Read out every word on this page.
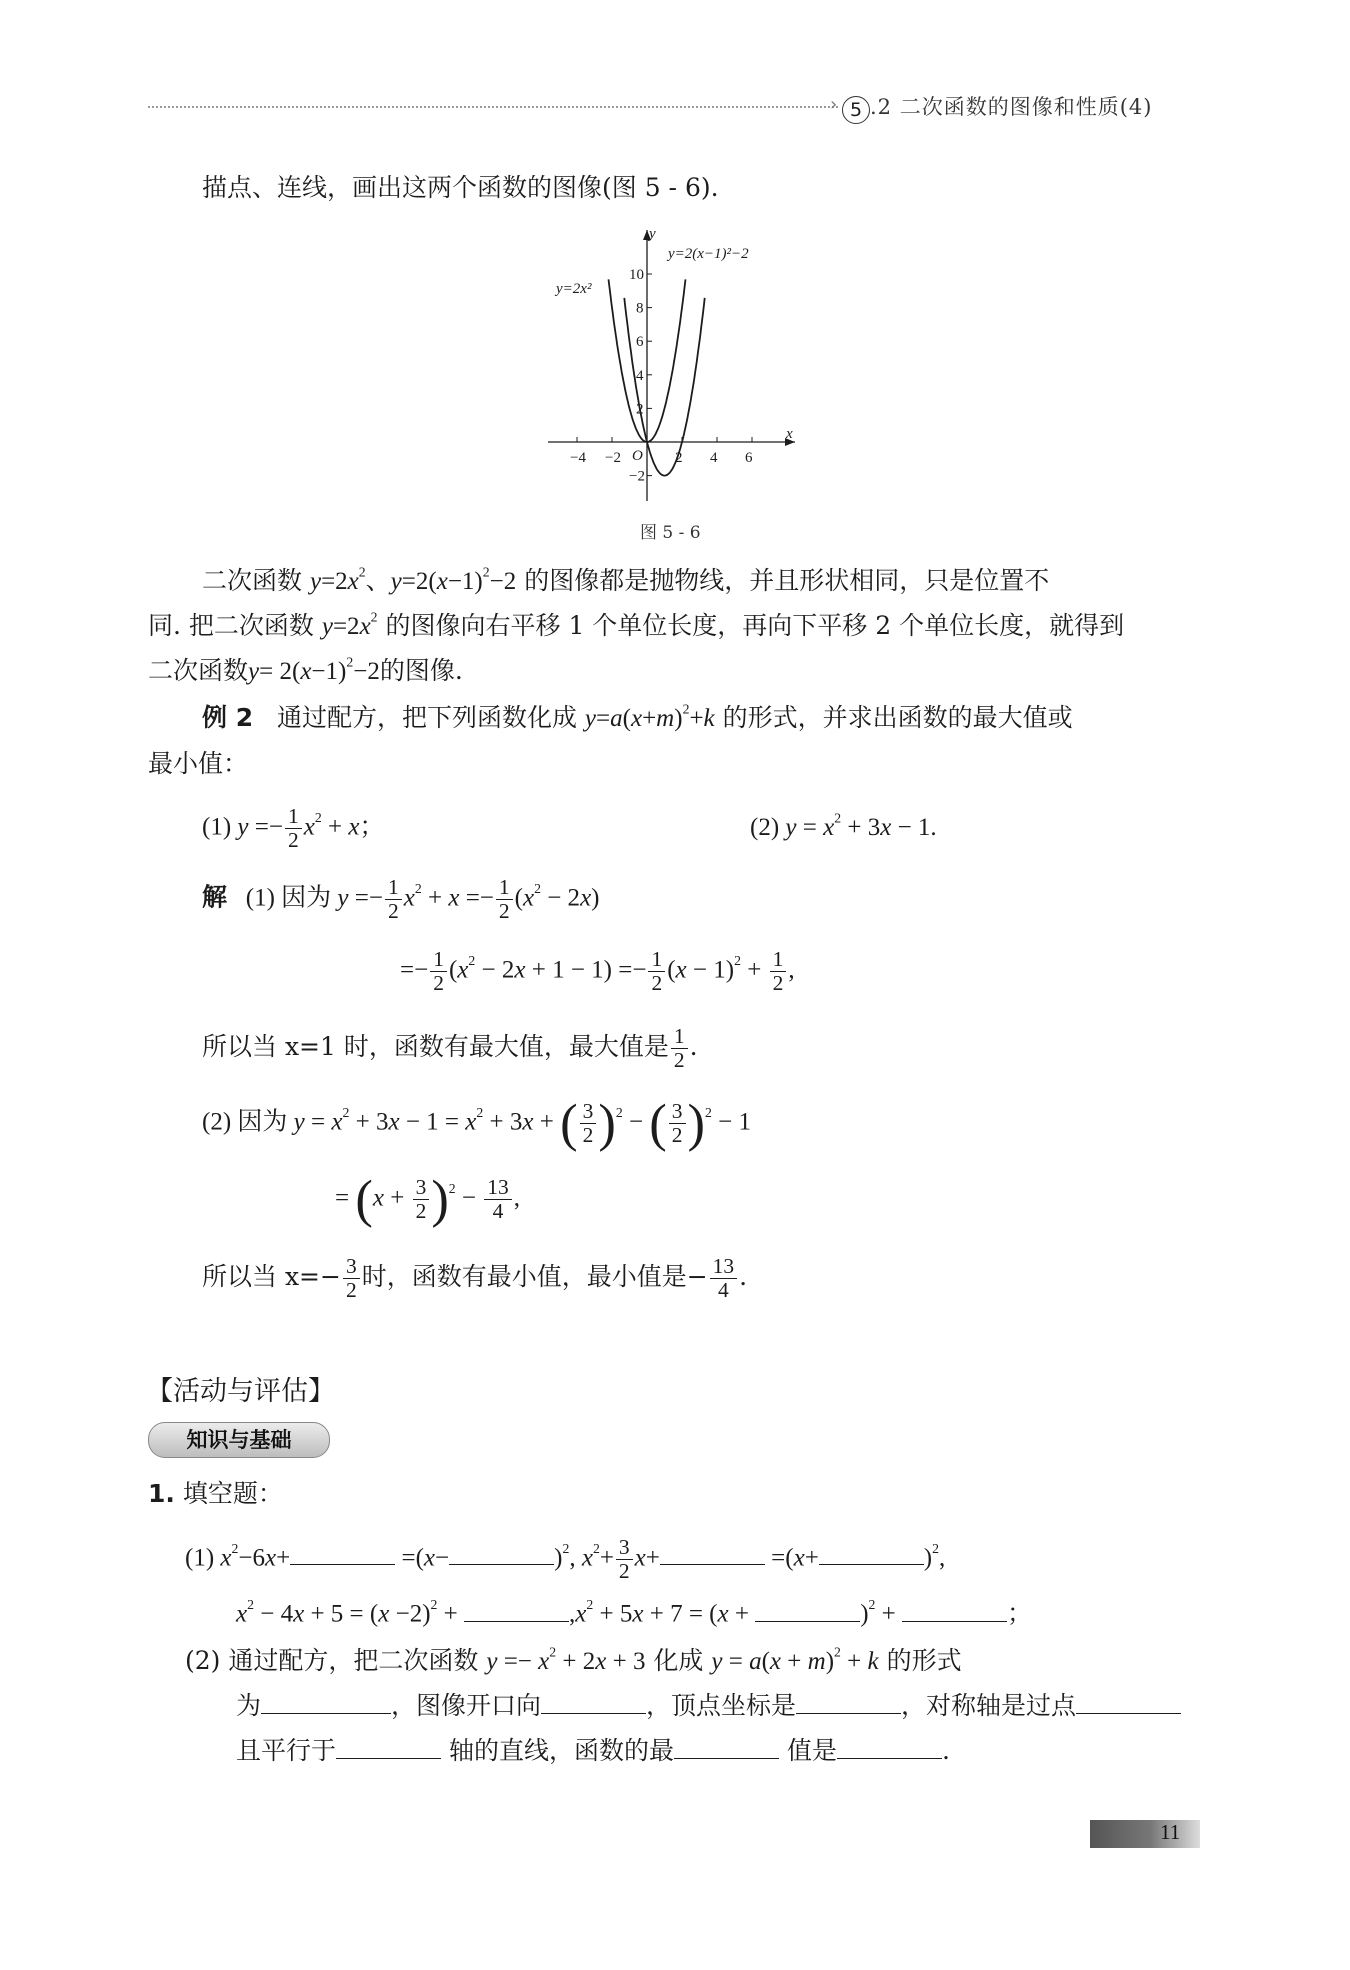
› 5 .2 二次函数的图像和性质(4)
描点、连线，画出这两个函数的图像(图 5 - 6).
−4 −2	2 4 6
10
8
6
4
2
−2
O
x
y
y=2x²
y=2(x−1)²−2
图 5 - 6
二次函数 $y=2x^2$、$y=2(x-1)^2-2$ 的图像都是抛物线，并且形状相同，只是位置不
同. 把二次函数 $y=2x^2$ 的图像向右平移 1 个单位长度，再向下平移 2 个单位长度，就得到
二次函数$y= 2(x-1)^2-2$的图像.
例 2 通过配方，把下列函数化成 $y=a(x+m)^2+k$ 的形式，并求出函数的最大值或
最小值：
(1) $y =- \frac{1}{2} x^2 + x$；	(2) $y = x^2 + 3x - 1$.
解 (1) 因为 $y =- \frac{1}{2} x^2 + x =- \frac{1}{2} (x^2 - 2x)$
=− $\frac{1}{2} (x^2 - 2x + 1 - 1) =- \frac{1}{2} (x - 1)^2 + \frac{1}{2}$ ,
所以当 x=1 时，函数有最大值，最大值是 $\frac{1}{2}$ .
(2) 因为 $y = x^2 + 3x - 1 = x^2 + 3x$ + ( $\frac{3}{2} )^2$ − ( $\frac{3}{2} )^2 - 1$
= $(x + \frac{3}{2} )^2 - \frac{13}{4}$ ,
所以当 $x=- \frac{3}{2}$ 时，函数有最小值，最小值是− $\frac{13}{4}$ .
【活动与评估】
知识与基础
1. 填空题：
(1) $x^2-6x+$	=(x−	)$^2$, $x^2+ \frac{3}{2} x+$	=(x+	)$^2$,
$x^2 - 4x + 5 = (x -2)^2$ +	$,x^2 + 5x + 7 = (x$ +	)$^2$ +	；
(2) 通过配方，把二次函数 $y =- x^2 + 2x + 3$ 化成 $y = a(x + m)^2 + k$ 的形式
为	，图像开口向	，顶点坐标是	，对称轴是过点
且平行于	轴的直线，函数的最	值是	.
11
